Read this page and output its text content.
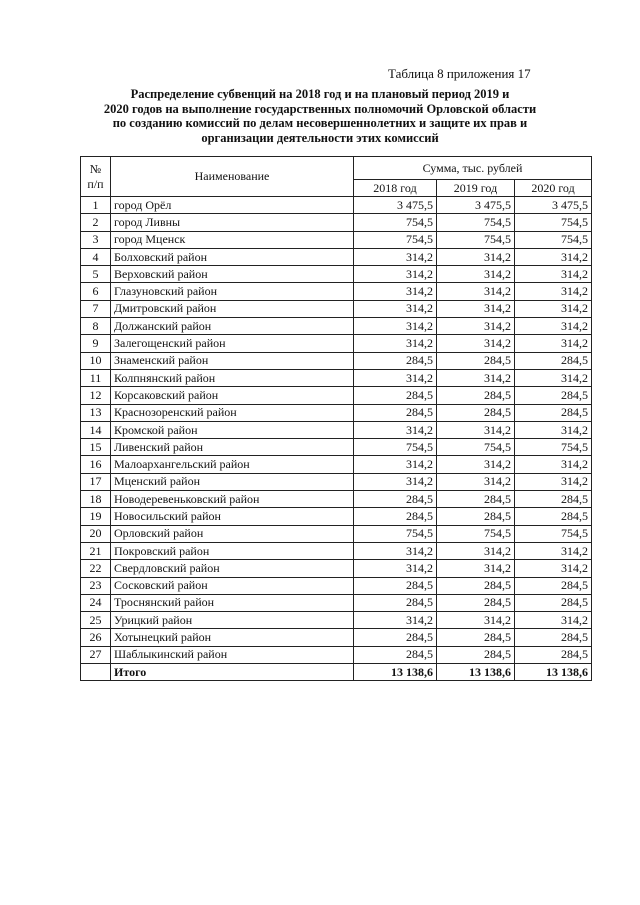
Таблица 8 приложения 17
Распределение субвенций на 2018 год и на плановый период 2019 и
2020 годов на выполнение государственных полномочий Орловской области
по созданию комиссий по делам несовершеннолетних и защите их прав и
организации деятельности этих комиссий
№
п/п	Наименование	Сумма, тыс. рублей		
		2018 год	2019 год	2020 год
1	город Орёл	3 475,5	3 475,5	3 475,5
2	город Ливны	754,5	754,5	754,5
3	город Мценск	754,5	754,5	754,5
4	Болховский район	314,2	314,2	314,2
5	Верховский район	314,2	314,2	314,2
6	Глазуновский район	314,2	314,2	314,2
7	Дмитровский район	314,2	314,2	314,2
8	Должанский район	314,2	314,2	314,2
9	Залегощенский район	314,2	314,2	314,2
10	Знаменский район	284,5	284,5	284,5
11	Колпнянский район	314,2	314,2	314,2
12	Корсаковский район	284,5	284,5	284,5
13	Краснозоренский район	284,5	284,5	284,5
14	Кромской район	314,2	314,2	314,2
15	Ливенский район	754,5	754,5	754,5
16	Малоархангельский район	314,2	314,2	314,2
17	Мценский район	314,2	314,2	314,2
18	Новодеревеньковский район	284,5	284,5	284,5
19	Новосильский район	284,5	284,5	284,5
20	Орловский район	754,5	754,5	754,5
21	Покровский район	314,2	314,2	314,2
22	Свердловский район	314,2	314,2	314,2
23	Сосковский район	284,5	284,5	284,5
24	Троснянский район	284,5	284,5	284,5
25	Урицкий район	314,2	314,2	314,2
26	Хотынецкий район	284,5	284,5	284,5
27	Шаблыкинский район	284,5	284,5	284,5
	Итого	13 138,6	13 138,6	13 138,6
